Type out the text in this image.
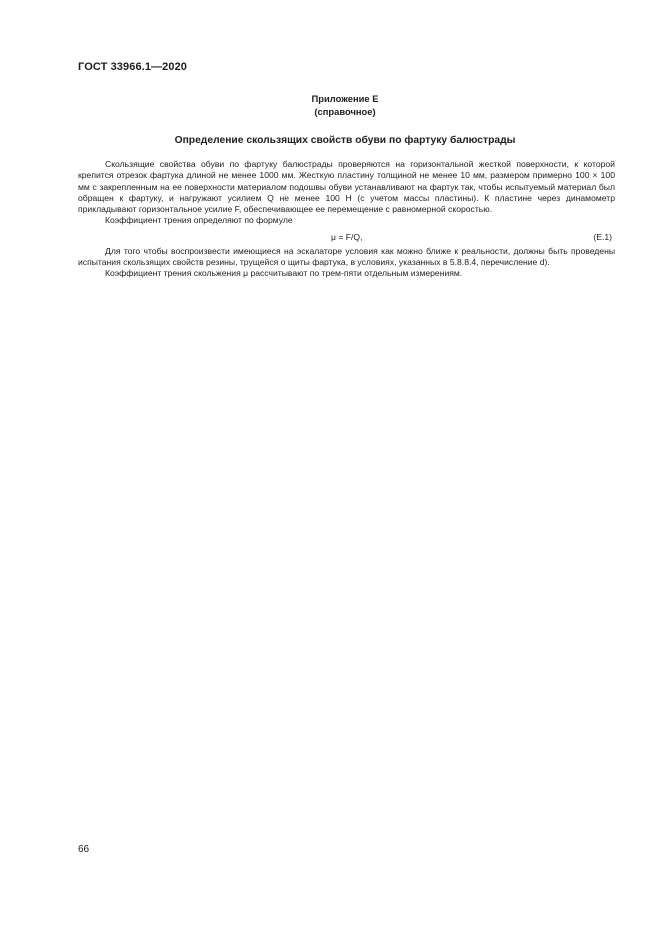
ГОСТ 33966.1—2020
Приложение Е
(справочное)
Определение скользящих свойств обуви по фартуку балюстрады

Скользящие свойства обуви по фартуку балюстрады проверяются на горизонтальной жесткой поверхности, к которой крепится отрезок фартука длиной не менее 1000 мм. Жесткую пластину толщиной не менее 10 мм, размером примерно 100 × 100 мм с закрепленным на ее поверхности материалом подошвы обуви устанавливают на фартук так, чтобы испытуемый материал был обращен к фартуку, и нагружают усилием Q не менее 100 Н (с учетом массы пластины). К пластине через динамометр прикладывают горизонтальное усилие F, обеспечивающее ее перемещение с равномерной скоростью.

Коэффициент трения определяют по формуле

μ = F/Q,	(Е.1)

Для того чтобы воспроизвести имеющиеся на эскалаторе условия как можно ближе к реальности, должны быть проведены испытания скользящих свойств резины, трущейся о щиты фартука, в условиях, указанных в 5.8.8.4, перечисление d).

Коэффициент трения скольжения μ рассчитывают по трем-пяти отдельным измерениям.

66
